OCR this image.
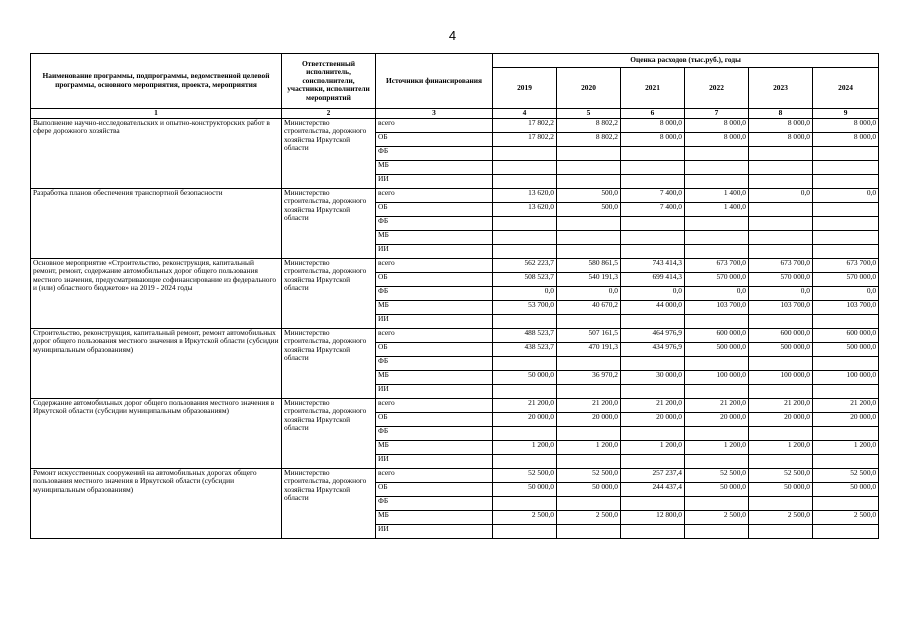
4
Наименование программы, подпрограммы, ведомственной целевой программы, основного мероприятия, проекта, мероприятия	Ответственный исполнитель, соисполнители, участники, исполнители мероприятий	Источники финансирования	Оценка расходов (тыс.руб.), годы					
			2019	2020	2021	2022	2023	2024
1	2	3	4	5	6	7	8	9
Выполнение научно-исследовательских и опытно-конструкторских работ в сфере дорожного хозяйства	Министерство строительства, дорожного хозяйства Иркутской области	всего	17 802,2	8 802,2	8 000,0	8 000,0	8 000,0	8 000,0
		ОБ	17 802,2	8 802,2	8 000,0	8 000,0	8 000,0	8 000,0
		ФБ						
		МБ						
		ИИ						
Разработка планов обеспечения транспортной безопасности	Министерство строительства, дорожного хозяйства Иркутской области	всего	13 620,0	500,0	7 400,0	1 400,0	0,0	0,0
		ОБ	13 620,0	500,0	7 400,0	1 400,0		
		ФБ						
		МБ						
		ИИ						
Основное мероприятие «Строительство, реконструкция, капитальный ремонт, ремонт, содержание автомобильных дорог общего пользования местного значения, предусматривающие софинансирование из федерального и (или) областного бюджетов» на 2019 - 2024 годы	Министерство строительства, дорожного хозяйства Иркутской области	всего	562 223,7	580 861,5	743 414,3	673 700,0	673 700,0	673 700,0
		ОБ	508 523,7	540 191,3	699 414,3	570 000,0	570 000,0	570 000,0
		ФБ	0,0	0,0	0,0	0,0	0,0	0,0
		МБ	53 700,0	40 670,2	44 000,0	103 700,0	103 700,0	103 700,0
		ИИ						
Строительство, реконструкция, капитальный ремонт, ремонт автомобильных дорог общего пользования местного значения в Иркутской области (субсидии муниципальным образованиям)	Министерство строительства, дорожного хозяйства Иркутской области	всего	488 523,7	507 161,5	464 976,9	600 000,0	600 000,0	600 000,0
		ОБ	438 523,7	470 191,3	434 976,9	500 000,0	500 000,0	500 000,0
		ФБ						
		МБ	50 000,0	36 970,2	30 000,0	100 000,0	100 000,0	100 000,0
		ИИ						
Содержание автомобильных дорог общего пользования местного значения в Иркутской области (субсидии муниципальным образованиям)	Министерство строительства, дорожного хозяйства Иркутской области	всего	21 200,0	21 200,0	21 200,0	21 200,0	21 200,0	21 200,0
		ОБ	20 000,0	20 000,0	20 000,0	20 000,0	20 000,0	20 000,0
		ФБ						
		МБ	1 200,0	1 200,0	1 200,0	1 200,0	1 200,0	1 200,0
		ИИ						
Ремонт искусственных сооружений на автомобильных дорогах общего пользования местного значения в Иркутской области (субсидии муниципальным образованиям)	Министерство строительства, дорожного хозяйства Иркутской области	всего	52 500,0	52 500,0	257 237,4	52 500,0	52 500,0	52 500,0
		ОБ	50 000,0	50 000,0	244 437,4	50 000,0	50 000,0	50 000,0
		ФБ						
		МБ	2 500,0	2 500,0	12 800,0	2 500,0	2 500,0	2 500,0
		ИИ						
